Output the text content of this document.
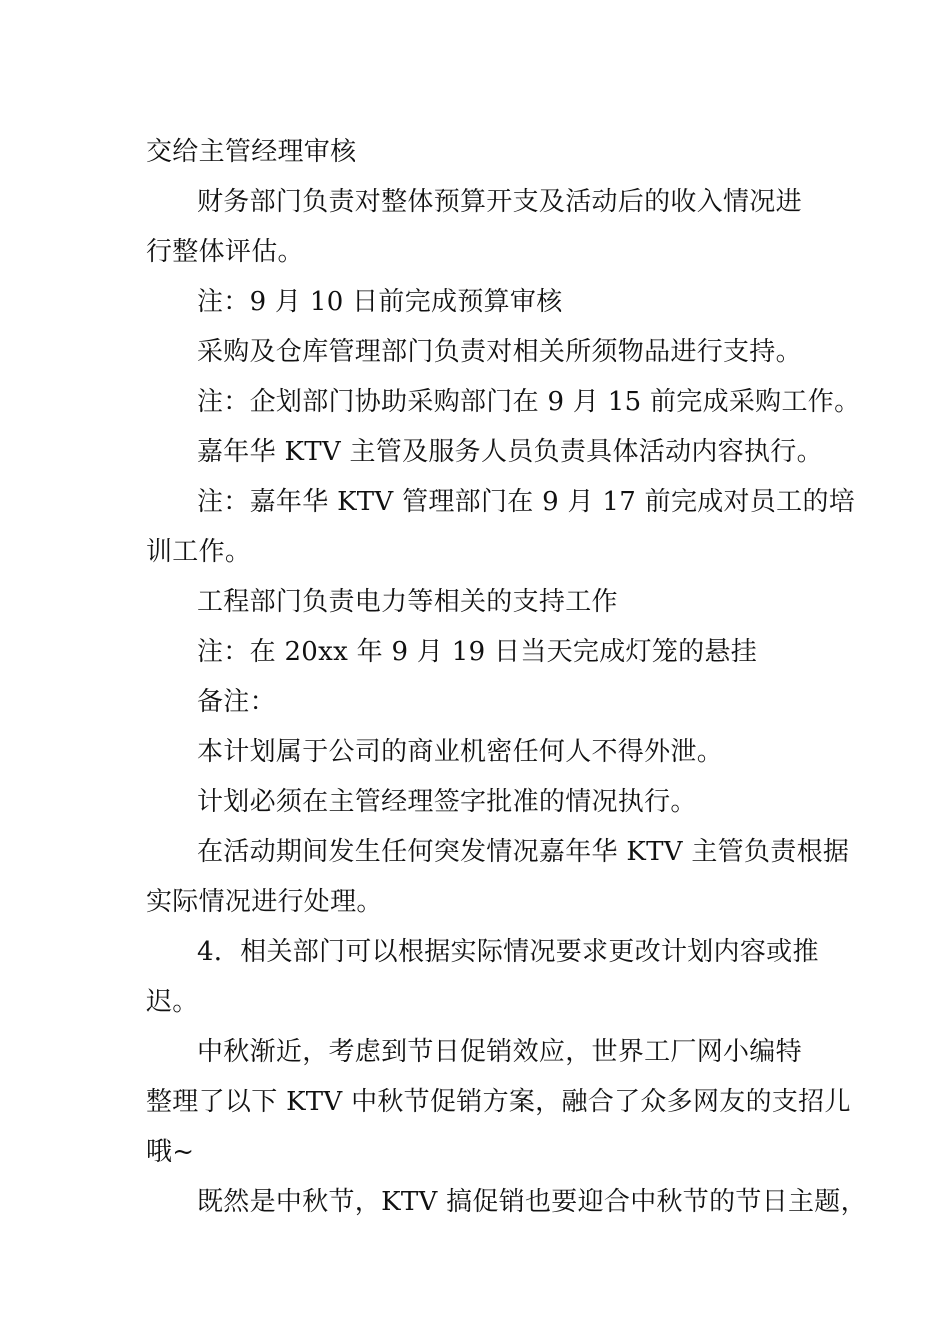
交给主管经理审核
财务部门负责对整体预算开支及活动后的收入情况进
行整体评估。
注：9 月 10 日前完成预算审核
采购及仓库管理部门负责对相关所须物品进行支持。
注：企划部门协助采购部门在 9 月 15 前完成采购工作。
嘉年华 KTV 主管及服务人员负责具体活动内容执行。
注：嘉年华 KTV 管理部门在 9 月 17 前完成对员工的培
训工作。
工程部门负责电力等相关的支持工作
注：在 20xx 年 9 月 19 日当天完成灯笼的悬挂
备注：
本计划属于公司的商业机密任何人不得外泄。
计划必须在主管经理签字批准的情况执行。
在活动期间发生任何突发情况嘉年华 KTV 主管负责根据
实际情况进行处理。
4．相关部门可以根据实际情况要求更改计划内容或推
迟。
中秋渐近，考虑到节日促销效应，世界工厂网小编特
整理了以下 KTV 中秋节促销方案，融合了众多网友的支招儿
哦~
既然是中秋节，KTV 搞促销也要迎合中秋节的节日主题，
